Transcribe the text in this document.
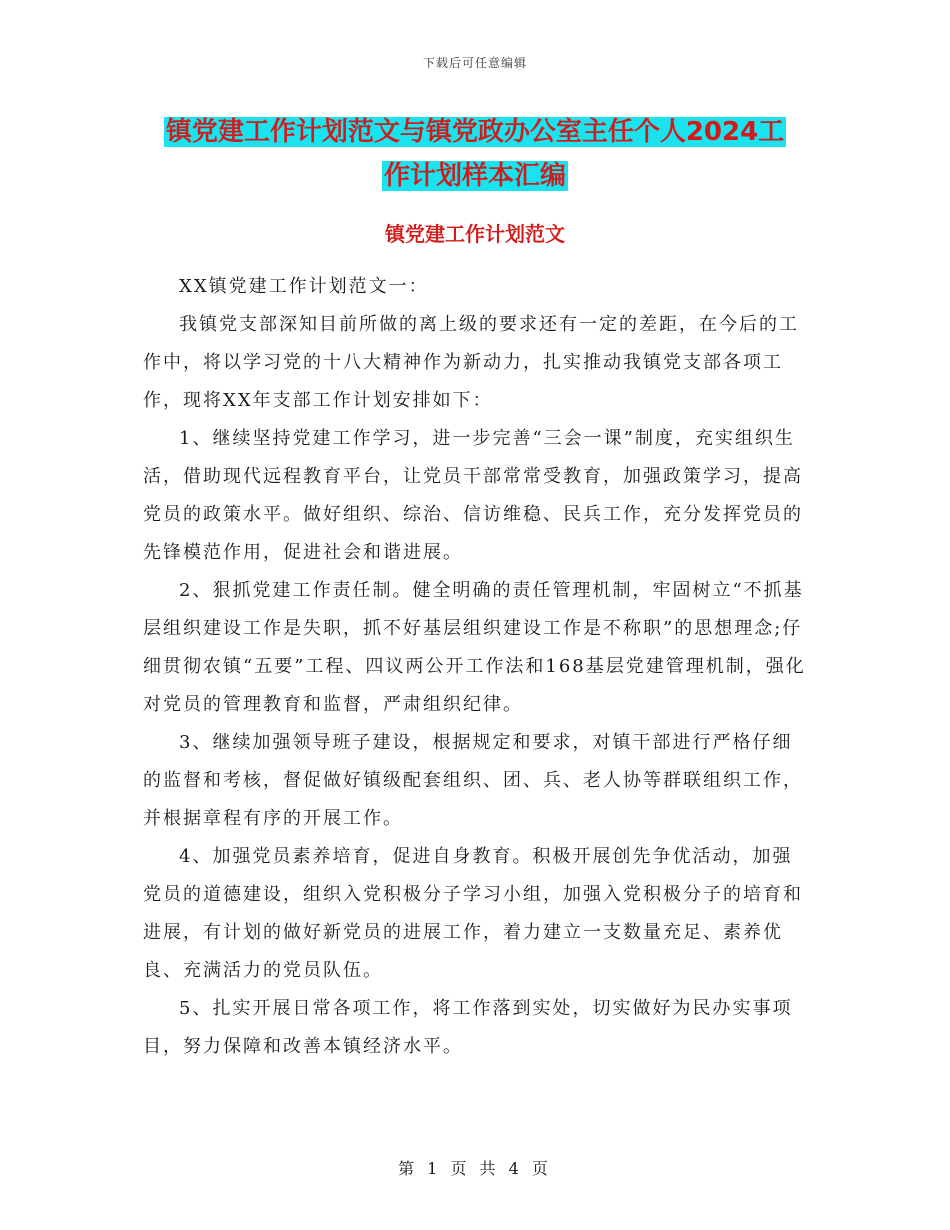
下载后可任意编辑
镇党建工作计划范文与镇党政办公室主任个人2024工
作计划样本汇编
镇党建工作计划范文

XX镇党建工作计划范文一：

我镇党支部深知目前所做的离上级的要求还有一定的差距，在今后的工作中，将以学习党的十八大精神作为新动力，扎实推动我镇党支部各项工作，现将XX年支部工作计划安排如下：

1、继续坚持党建工作学习，进一步完善“三会一课”制度，充实组织生活，借助现代远程教育平台，让党员干部常常受教育，加强政策学习，提高党员的政策水平。做好组织、综治、信访维稳、民兵工作，充分发挥党员的先锋模范作用，促进社会和谐进展。

2、狠抓党建工作责任制。健全明确的责任管理机制，牢固树立“不抓基层组织建设工作是失职，抓不好基层组织建设工作是不称职”的思想理念;仔细贯彻农镇“五要”工程、四议两公开工作法和168基层党建管理机制，强化对党员的管理教育和监督，严肃组织纪律。

3、继续加强领导班子建设，根据规定和要求，对镇干部进行严格仔细的监督和考核，督促做好镇级配套组织、团、兵、老人协等群联组织工作，并根据章程有序的开展工作。

4、加强党员素养培育，促进自身教育。积极开展创先争优活动，加强党员的道德建设，组织入党积极分子学习小组，加强入党积极分子的培育和进展，有计划的做好新党员的进展工作，着力建立一支数量充足、素养优良、充满活力的党员队伍。

5、扎实开展日常各项工作，将工作落到实处，切实做好为民办实事项目，努力保障和改善本镇经济水平。

第 1 页 共 4 页
